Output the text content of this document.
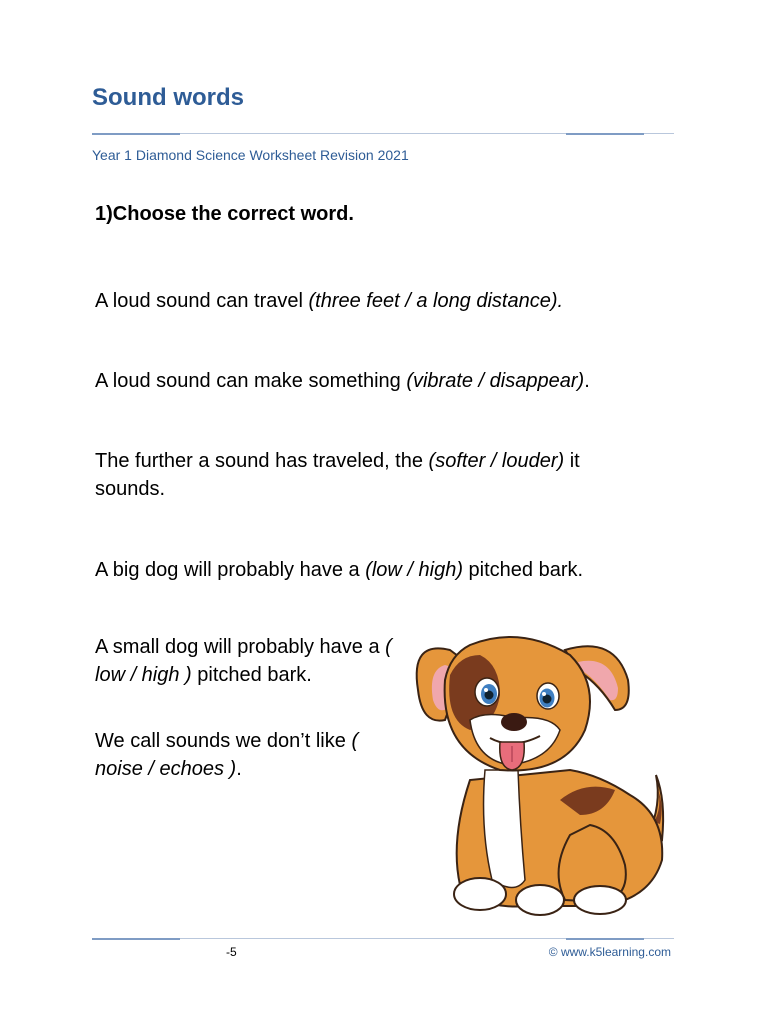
Sound words
Year 1 Diamond Science Worksheet Revision 2021
1)Choose the correct word.
A loud sound can travel (three feet / a long distance).
A loud sound can make something (vibrate / disappear).
The further a sound has traveled, the (softer / louder) it sounds.
A big dog will probably have a (low / high) pitched bark.
A small dog will probably have a ( low / high ) pitched bark.
We call sounds we don’t like ( noise / echoes ).
-5	© www.k5learning.com
